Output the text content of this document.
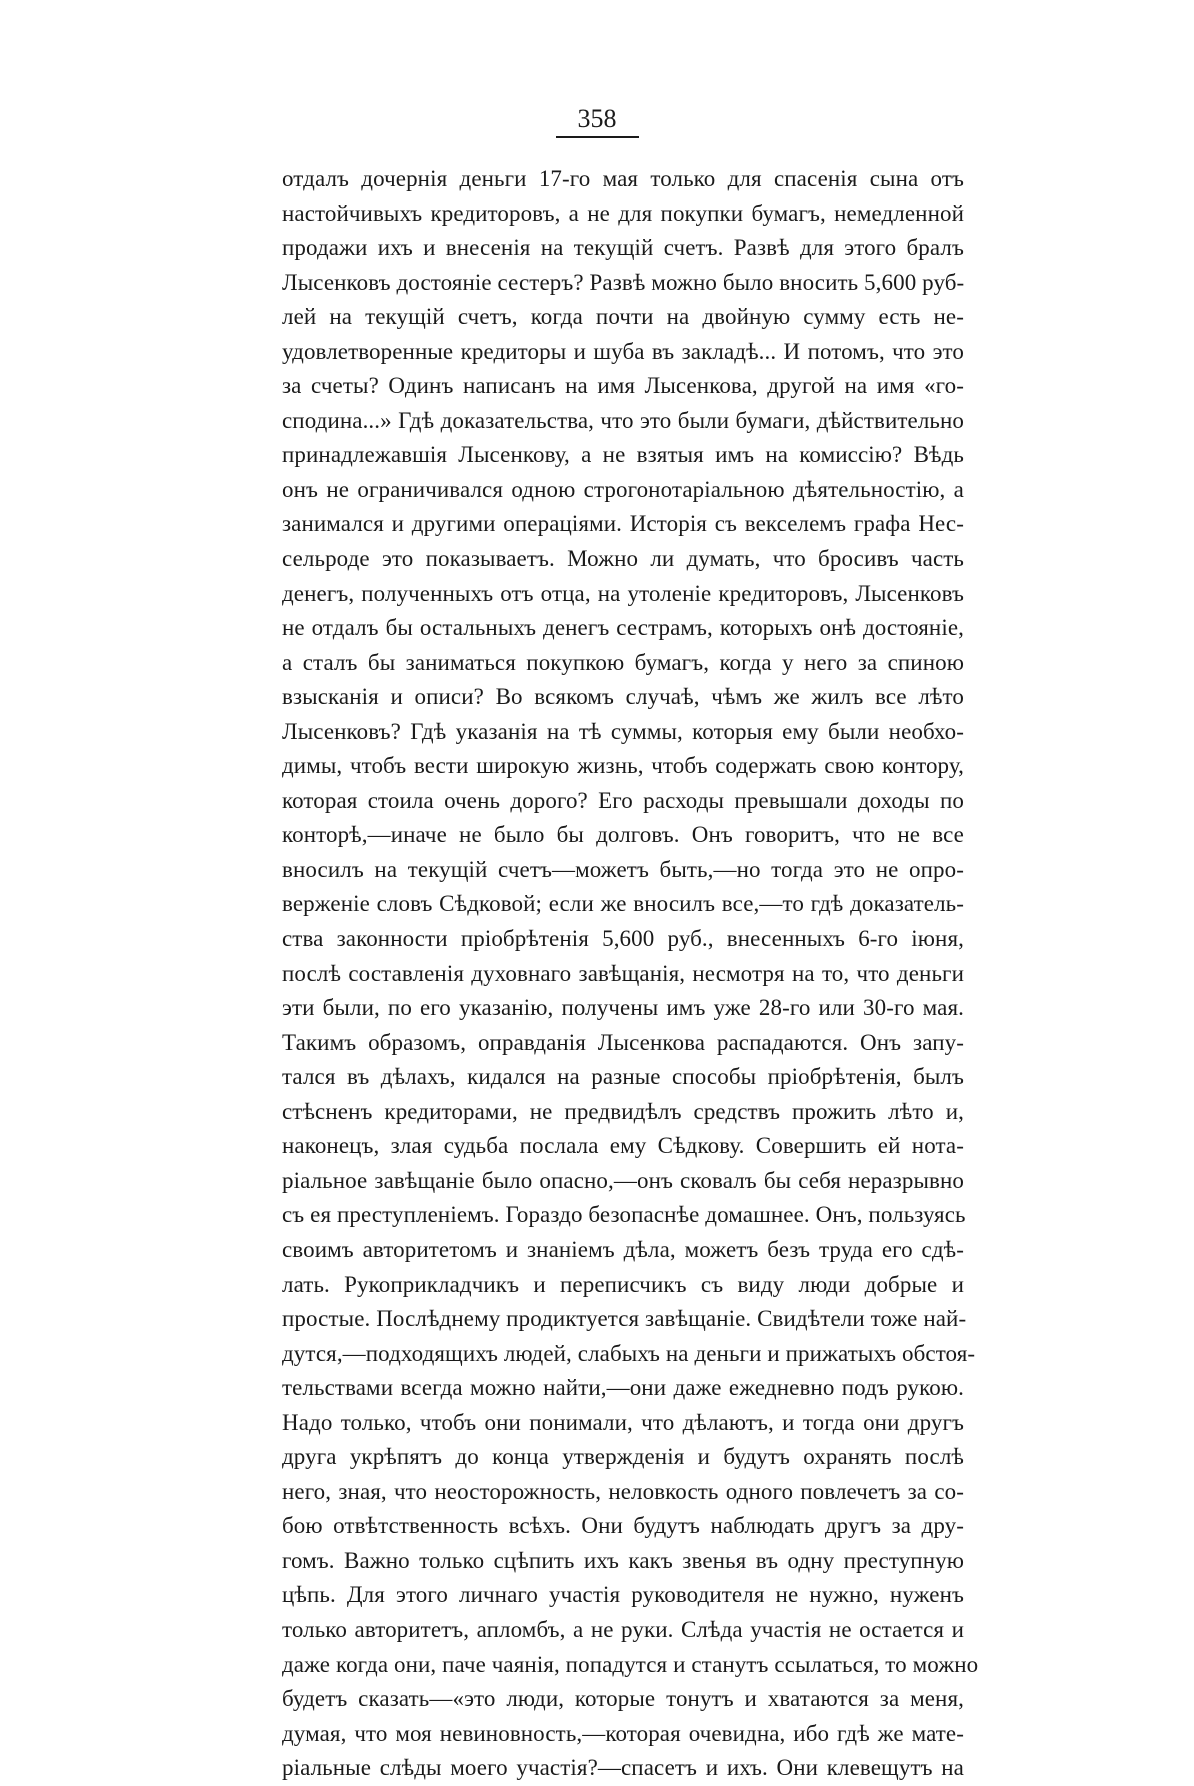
358
отдалъ дочернія деньги 17-го мая только для спасенія сына отъ
настойчивыхъ кредиторовъ, а не для покупки бумагъ, немедленной
продажи ихъ и внесенія на текущій счетъ. Развѣ для этого бралъ
Лысенковъ достояніе сестеръ? Развѣ можно было вносить 5,600 руб-
лей на текущій счетъ, когда почти на двойную сумму есть не-
удовлетворенные кредиторы и шуба въ закладѣ... И потомъ, что это
за счеты? Одинъ написанъ на имя Лысенкова, другой на имя «го-
сподина...» Гдѣ доказательства, что это были бумаги, дѣйствительно
принадлежавшія Лысенкову, а не взятыя имъ на комиссію? Вѣдь
онъ не ограничивался одною строгонотаріальною дѣятельностію, а
занимался и другими операціями. Исторія съ векселемъ графа Нес-
сельроде это показываетъ. Можно ли думать, что бросивъ часть
денегъ, полученныхъ отъ отца, на утоленіе кредиторовъ, Лысенковъ
не отдалъ бы остальныхъ денегъ сестрамъ, которыхъ онѣ достояніе,
а сталъ бы заниматься покупкою бумагъ, когда у него за спиною
взысканія и описи? Во всякомъ случаѣ, чѣмъ же жилъ все лѣто
Лысенковъ? Гдѣ указанія на тѣ суммы, которыя ему были необхо-
димы, чтобъ вести широкую жизнь, чтобъ содержать свою контору,
которая стоила очень дорого? Его расходы превышали доходы по
конторѣ,—иначе не было бы долговъ. Онъ говоритъ, что не все
вносилъ на текущій счетъ—можетъ быть,—но тогда это не опро-
верженіе словъ Сѣдковой; если же вносилъ все,—то гдѣ доказатель-
ства законности пріобрѣтенія 5,600 руб., внесенныхъ 6-го іюня,
послѣ составленія духовнаго завѣщанія, несмотря на то, что деньги
эти были, по его указанію, получены имъ уже 28-го или 30-го мая.
Такимъ образомъ, оправданія Лысенкова распадаются. Онъ запу-
тался въ дѣлахъ, кидался на разные способы пріобрѣтенія, былъ
стѣсненъ кредиторами, не предвидѣлъ средствъ прожить лѣто и,
наконецъ, злая судьба послала ему Сѣдкову. Совершить ей нота-
ріальное завѣщаніе было опасно,—онъ сковалъ бы себя неразрывно
съ ея преступленіемъ. Гораздо безопаснѣе домашнее. Онъ, пользуясь
своимъ авторитетомъ и знаніемъ дѣла, можетъ безъ труда его сдѣ-
лать. Рукоприкладчикъ и переписчикъ съ виду люди добрые и
простые. Послѣднему продиктуется завѣщаніе. Свидѣтели тоже най-
дутся,—подходящихъ людей, слабыхъ на деньги и прижатыхъ обстоя-
тельствами всегда можно найти,—они даже ежедневно подъ рукою.
Надо только, чтобъ они понимали, что дѣлаютъ, и тогда они другъ
друга укрѣпятъ до конца утвержденія и будутъ охранять послѣ
него, зная, что неосторожность, неловкость одного повлечетъ за со-
бою отвѣтственность всѣхъ. Они будутъ наблюдать другъ за дру-
гомъ. Важно только сцѣпить ихъ какъ звенья въ одну преступную
цѣпь. Для этого личнаго участія руководителя не нужно, нуженъ
только авторитетъ, апломбъ, а не руки. Слѣда участія не остается и
даже когда они, паче чаянія, попадутся и станутъ ссылаться, то можно
будетъ сказать—«это люди, которые тонутъ и хватаются за меня,
думая, что моя невиновность,—которая очевидна, ибо гдѣ же мате-
ріальные слѣды моего участія?—спасетъ и ихъ. Они клевещутъ на
